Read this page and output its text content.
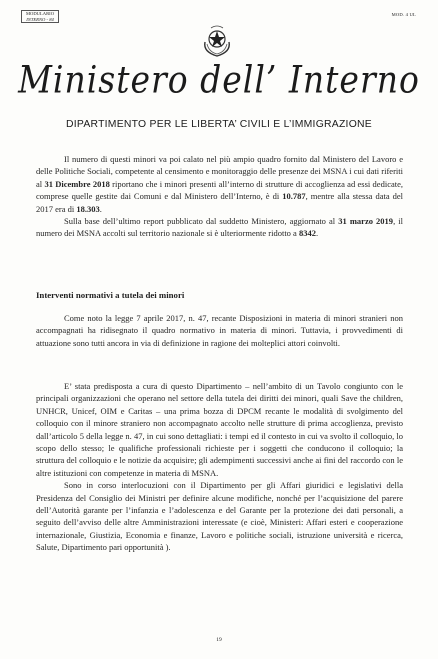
MODULARIO
INTERNO - 84
MOD. 4 UL
Ministero dell’ Interno
DIPARTIMENTO PER LE LIBERTA’ CIVILI E L’IMMIGRAZIONE

Il numero di questi minori va poi calato nel più ampio quadro fornito dal Ministero del Lavoro e delle Politiche Sociali, competente al censimento e monitoraggio delle presenze dei MSNA i cui dati riferiti al 31 Dicembre 2018 riportano che i minori presenti all’interno di strutture di accoglienza ad essi dedicate, comprese quelle gestite dai Comuni e dal Ministero dell’Interno, è di 10.787, mentre alla stessa data del 2017 era di 18.303.

Sulla base dell’ultimo report pubblicato dal suddetto Ministero, aggiornato al 31 marzo 2019, il numero dei MSNA accolti sul territorio nazionale si è ulteriormente ridotto a 8342.

Interventi normativi a tutela dei minori

Come noto la legge 7 aprile 2017, n. 47, recante Disposizioni in materia di minori stranieri non accompagnati ha ridisegnato il quadro normativo in materia di minori. Tuttavia, i provvedimenti di attuazione sono tutti ancora in via di definizione in ragione dei molteplici attori coinvolti.

E’ stata predisposta a cura di questo Dipartimento – nell’ambito di un Tavolo congiunto con le principali organizzazioni che operano nel settore della tutela dei diritti dei minori, quali Save the children, UNHCR, Unicef, OIM e Caritas – una prima bozza di DPCM recante le modalità di svolgimento del colloquio con il minore straniero non accompagnato accolto nelle strutture di prima accoglienza, previsto dall’articolo 5 della legge n. 47, in cui sono dettagliati: i tempi ed il contesto in cui va svolto il colloquio, lo scopo dello stesso; le qualifiche professionali richieste per i soggetti che conducono il colloquio; la struttura del colloquio e le notizie da acquisire; gli adempimenti successivi anche ai fini del raccordo con le altre istituzioni con competenze in materia di MSNA.

Sono in corso interlocuzioni con il Dipartimento per gli Affari giuridici e legislativi della Presidenza del Consiglio dei Ministri per definire alcune modifiche, nonché per l’acquisizione del parere dell’Autorità garante per l’infanzia e l’adolescenza e del Garante per la protezione dei dati personali, a seguito dell’avviso delle altre Amministrazioni interessate (e cioè, Ministeri: Affari esteri e cooperazione internazionale, Giustizia, Economia e finanze, Lavoro e politiche sociali, istruzione università e ricerca, Salute, Dipartimento pari opportunità ).

19
